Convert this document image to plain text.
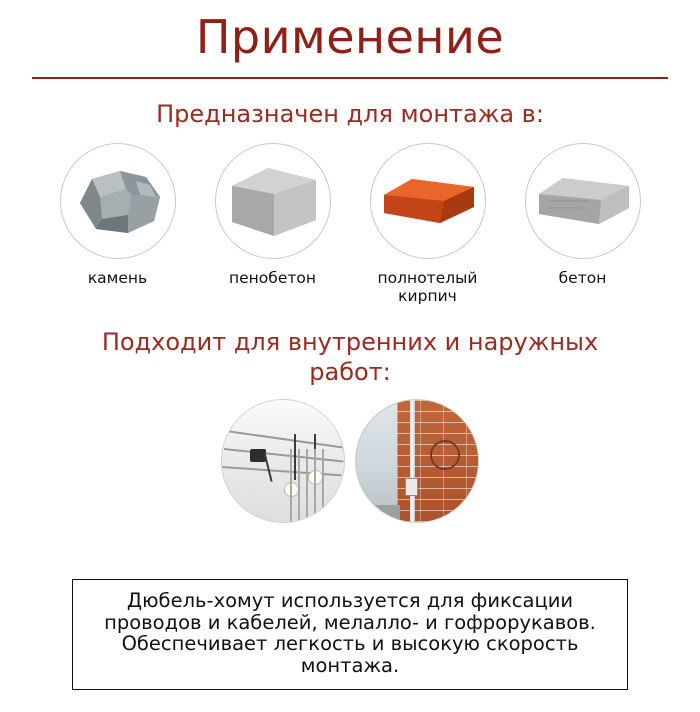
Применение
Предназначен для монтажа в:
камень	пенобетон	полнотелый кирпич
бетон
Подходит для внутренних и наружных работ:
Дюбель-хомут используется для фиксации проводов и кабелей, мелалло- и гофрорукавов. Обеспечивает легкость и высокую скорость монтажа.
